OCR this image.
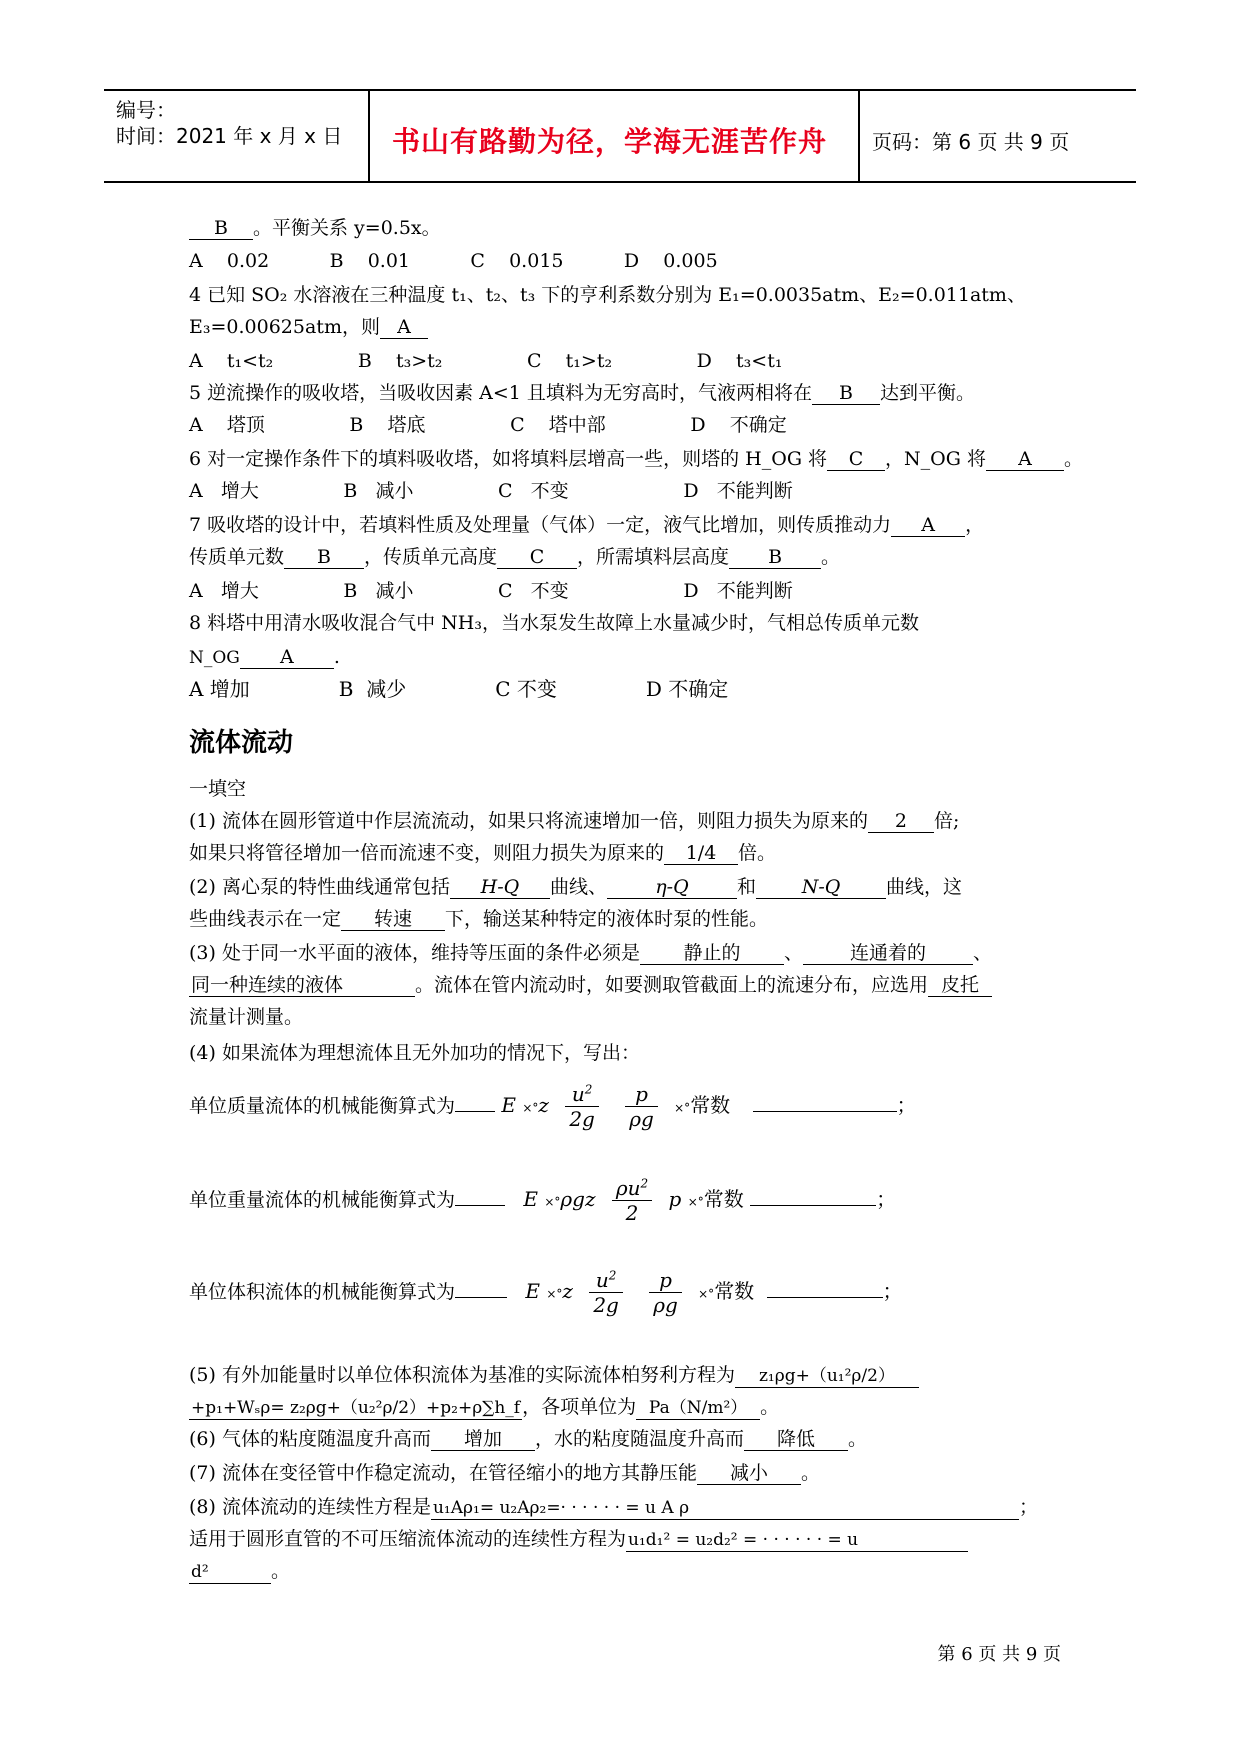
编号：
时间：2021 年 x 月 x 日 书山有路勤为径，学海无涯苦作舟 页码：第 6 页 共 9 页
B 。平衡关系 y=0.5x。
A    0.02          B    0.01          C    0.015          D    0.005
4 已知 SO₂ 水溶液在三种温度 t₁、t₂、t₃ 下的亨利系数分别为 E₁=0.0035atm、E₂=0.011atm、
E₃=0.00625atm，则 A
A    t₁<t₂              B    t₃>t₂              C    t₁>t₂              D    t₃<t₁
5 逆流操作的吸收塔，当吸收因素 A<1 且填料为无穷高时，气液两相将在 B 达到平衡。
A    塔顶              B    塔底              C    塔中部              D    不确定
6 对一定操作条件下的填料吸收塔，如将填料层增高一些，则塔的 H_OG 将 C ，N_OG 将 A 。
A   增大              B   减小              C   不变                   D   不能判断
7 吸收塔的设计中，若填料性质及处理量（气体）一定，液气比增加，则传质推动力 A ，
传质单元数 B ，传质单元高度 C ，所需填料层高度 B 。
A   增大              B   减小              C   不变                   D   不能判断
8 料塔中用清水吸收混合气中 NH₃，当水泵发生故障上水量减少时，气相总传质单元数
N_OG A .
A 增加              B  减少              C 不变              D 不确定
流体流动
一填空
(1) 流体在圆形管道中作层流流动，如果只将流速增加一倍，则阻力损失为原来的 2 倍;
如果只将管径增加一倍而流速不变，则阻力损失为原来的 1/4 倍。
(2) 离心泵的特性曲线通常包括 H-Q 曲线、	η-Q	和 N-Q 曲线，这
些曲线表示在一定 转速 下，输送某种特定的液体时泵的性能。
(3) 处于同一水平面的液体，维持等压面的条件必须是 静止的 、 连通着的 、
同一种连续的液体	。流体在管内流动时，如要测取管截面上的流速分布，应选用 皮托
流量计测量。
(4) 如果流体为理想流体且无外加功的情况下，写出：
单位质量流体的机械能衡算式为 $E \times^\circ z \frac{u^2}{2g}$
$\frac{p}{\rho g}$ ×°常数	；
单位重量流体的机械能衡算式为	$E \times^\circ\rho gz \frac{\rho u^2}{2}$ p ×°常数	；
单位体积流体的机械能衡算式为	$E \times^\circ z \frac{u^2}{2g}$
$\frac{p}{\rho g}$ ×°常数	；
(5) 有外加能量时以单位体积流体为基准的实际流体柏努利方程为 z₁ρg+（u₁²ρ/2）
+p₁+Wₛρ= z₂ρg+（u₂²ρ/2）+p₂+ρ∑h_f ，各项单位为 Pa（N/m²） 。
(6) 气体的粘度随温度升高而 增加 ，水的粘度随温度升高而 降低 。
(7) 流体在变径管中作稳定流动，在管径缩小的地方其静压能 减小 。
(8) 流体流动的连续性方程是 u₁Aρ₁= u₂Aρ₂=· · · · · · = u A ρ	；
适用于圆形直管的不可压缩流体流动的连续性方程为 u₁d₁² = u₂d₂² = · · · · · · = u
d²	。
第 6 页 共 9 页
